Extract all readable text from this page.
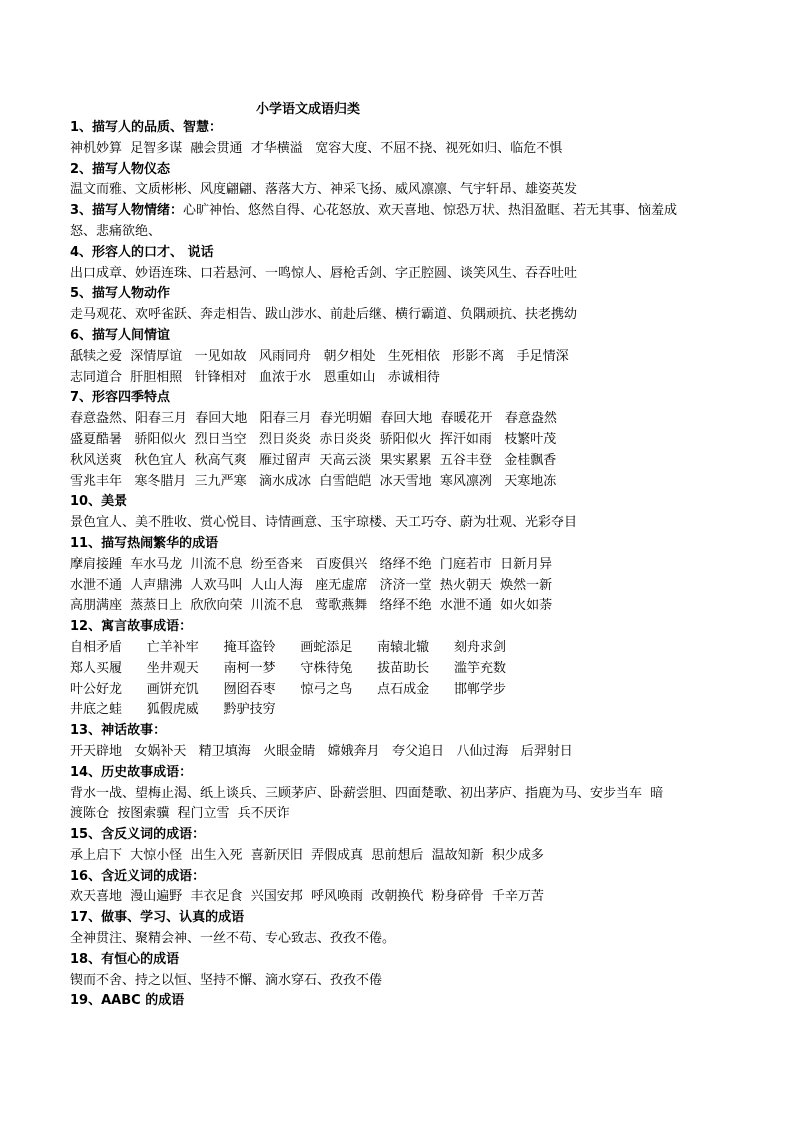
小学语文成语归类
1、描写人的品质、智慧：
神机妙算  足智多谋  融会贯通  才华横溢   宽容大度、不屈不挠、视死如归、临危不惧
2、描写人物仪态
温文而雅、文质彬彬、风度翩翩、落落大方、神采飞扬、威风凛凛、气宇轩昂、雄姿英发
3、描写人物情绪：心旷神怡、悠然自得、心花怒放、欢天喜地、惊恐万状、热泪盈眶、若无其事、恼羞成
怒、悲痛欲绝、
4、形容人的口才、 说话
出口成章、妙语连珠、口若悬河、一鸣惊人、唇枪舌剑、字正腔圆、谈笑风生、吞吞吐吐
5、描写人物动作
走马观花、欢呼雀跃、奔走相告、跋山涉水、前赴后继、横行霸道、负隅顽抗、扶老携幼
6、描写人间情谊
舐犊之爱  深情厚谊   一见如故   风雨同舟   朝夕相处   生死相依   形影不离   手足情深
志同道合  肝胆相照   针锋相对   血浓于水   恩重如山   赤诚相待
7、形容四季特点
春意盎然、阳春三月  春回大地   阳春三月  春光明媚  春回大地  春暖花开   春意盎然
盛夏酷暑   骄阳似火  烈日当空   烈日炎炎  赤日炎炎  骄阳似火  挥汗如雨   枝繁叶茂
秋风送爽   秋色宜人  秋高气爽   雁过留声  天高云淡  果实累累  五谷丰登   金桂飘香
雪兆丰年   寒冬腊月  三九严寒   滴水成冰  白雪皑皑  冰天雪地  寒风凛冽   天寒地冻
10、美景
景色宜人、美不胜收、赏心悦目、诗情画意、玉宇琼楼、天工巧夺、蔚为壮观、光彩夺目
11、描写热闹繁华的成语
摩肩接踵  车水马龙  川流不息  纷至沓来   百废俱兴   络绎不绝  门庭若市  日新月异
水泄不通  人声鼎沸  人欢马叫  人山人海   座无虚席   济济一堂  热火朝天  焕然一新
高朋满座  蒸蒸日上  欣欣向荣  川流不息   莺歌燕舞   络绎不绝  水泄不通  如火如荼
12、寓言故事成语：
自相矛盾      亡羊补牢      掩耳盗铃      画蛇添足      南辕北辙      刻舟求剑
郑人买履      坐井观天      南柯一梦      守株待兔      拔苗助长      滥竽充数
叶公好龙      画饼充饥      囫囵吞枣      惊弓之鸟      点石成金      邯郸学步
井底之蛙      狐假虎威      黔驴技穷
13、神话故事：
开天辟地   女娲补天   精卫填海   火眼金睛   嫦娥奔月   夸父追日   八仙过海   后羿射日
14、历史故事成语：
背水一战、望梅止渴、纸上谈兵、三顾茅庐、卧薪尝胆、四面楚歌、初出茅庐、指鹿为马、安步当车  暗
渡陈仓  按图索骥  程门立雪  兵不厌诈
15、含反义词的成语：
承上启下  大惊小怪  出生入死  喜新厌旧  弄假成真  思前想后  温故知新  积少成多
16、含近义词的成语：
欢天喜地  漫山遍野  丰衣足食  兴国安邦  呼风唤雨  改朝换代  粉身碎骨  千辛万苦
17、做事、学习、认真的成语
全神贯注、聚精会神、一丝不苟、专心致志、孜孜不倦。
18、有恒心的成语
锲而不舍、持之以恒、坚持不懈、滴水穿石、孜孜不倦
19、AABC 的成语
